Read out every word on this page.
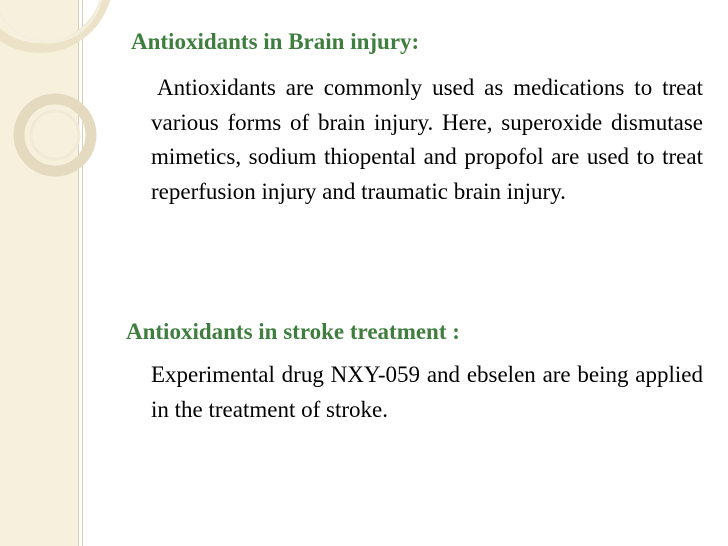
Antioxidants in Brain injury:

Antioxidants are commonly used as medications to treat various forms of brain injury. Here, superoxide dismutase mimetics, sodium thiopental and propofol are used to treat reperfusion injury and traumatic brain injury.

Antioxidants in stroke treatment :

Experimental drug NXY-059 and ebselen are being applied in the treatment of stroke.
